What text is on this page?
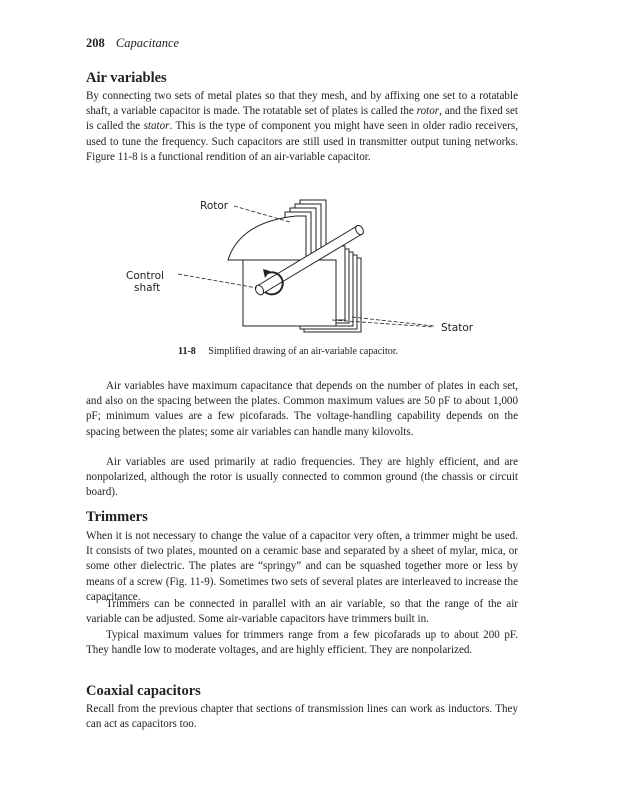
208 Capacitance
Air variables

By connecting two sets of metal plates so that they mesh, and by affixing one set to a rotatable shaft, a variable capacitor is made. The rotatable set of plates is called the rotor, and the fixed set is called the stator. This is the type of component you might have seen in older radio receivers, used to tune the frequency. Such capacitors are still used in transmitter output tuning networks. Figure 11-8 is a functional rendition of an air-variable capacitor.

Rotor
Control
shaft
Stator
11-8 Simplified drawing of an air-variable capacitor.

Air variables have maximum capacitance that depends on the number of plates in each set, and also on the spacing between the plates. Common maximum values are 50 pF to about 1,000 pF; minimum values are a few picofarads. The voltage-handling capability depends on the spacing between the plates; some air variables can handle many kilovolts.

Air variables are used primarily at radio frequencies. They are highly efficient, and are nonpolarized, although the rotor is usually connected to common ground (the chassis or circuit board).

Trimmers

When it is not necessary to change the value of a capacitor very often, a trimmer might be used. It consists of two plates, mounted on a ceramic base and separated by a sheet of mylar, mica, or some other dielectric. The plates are “springy” and can be squashed together more or less by means of a screw (Fig. 11-9). Sometimes two sets of several plates are interleaved to increase the capacitance.

Trimmers can be connected in parallel with an air variable, so that the range of the air variable can be adjusted. Some air-variable capacitors have trimmers built in.

Typical maximum values for trimmers range from a few picofarads up to about 200 pF. They handle low to moderate voltages, and are highly efficient. They are nonpolarized.

Coaxial capacitors

Recall from the previous chapter that sections of transmission lines can work as inductors. They can act as capacitors too.
